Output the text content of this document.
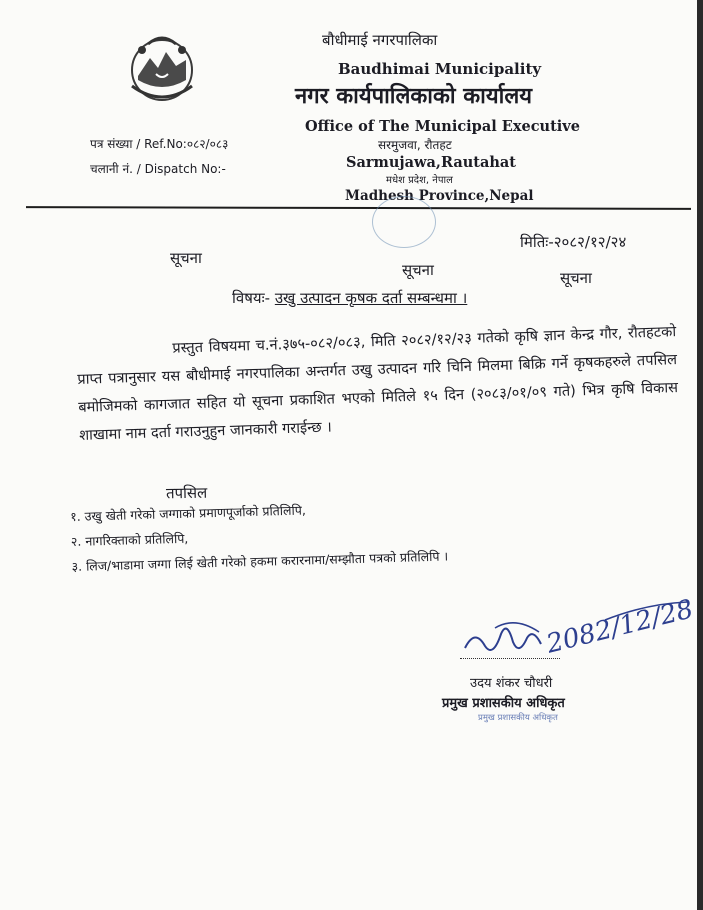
बौधीमाई नगरपालिका
Baudhimai Municipality
नगर कार्यपालिकाको कार्यालय
Office of The Municipal Executive
सरमुजवा, रौतहट
Sarmujawa,Rautahat
मधेश प्रदेश, नेपाल
Madhesh Province,Nepal
पत्र संख्या / Ref.No:०८२/०८३
चलानी नं. / Dispatch No:-
मितिः-२०८२/१२/२४
सूचना
सूचना	सूचना
विषयः- उखु उत्पादन कृषक दर्ता सम्बन्धमा ।
प्रस्तुत विषयमा च.नं.३७५-०८२/०८३, मिति २०८२/१२/२३ गतेको कृषि ज्ञान केन्द्र गौर, रौतहटको प्राप्त पत्रानुसार यस बौधीमाई नगरपालिका अन्तर्गत उखु उत्पादन गरि चिनि मिलमा बिक्रि गर्ने कृषकहरुले तपसिल बमोजिमको कागजात सहित यो सूचना प्रकाशित भएको मितिले १५ दिन (२०८३/०१/०९ गते) भित्र कृषि विकास शाखामा नाम दर्ता गराउनुहुन जानकारी गराईन्छ ।
तपसिल
१. उखु खेती गरेको जग्गाको प्रमाणपूर्जाको प्रतिलिपि,
२. नागरिक्ताको प्रतिलिपि,
३. लिज/भाडामा जग्गा लिई खेती गरेको हकमा करारनामा/सम्झौता पत्रको प्रतिलिपि ।
2082/12/28
उदय शंकर चौधरी
प्रमुख प्रशासकीय अधिकृत
प्रमुख प्रशासकीय अधिकृत
